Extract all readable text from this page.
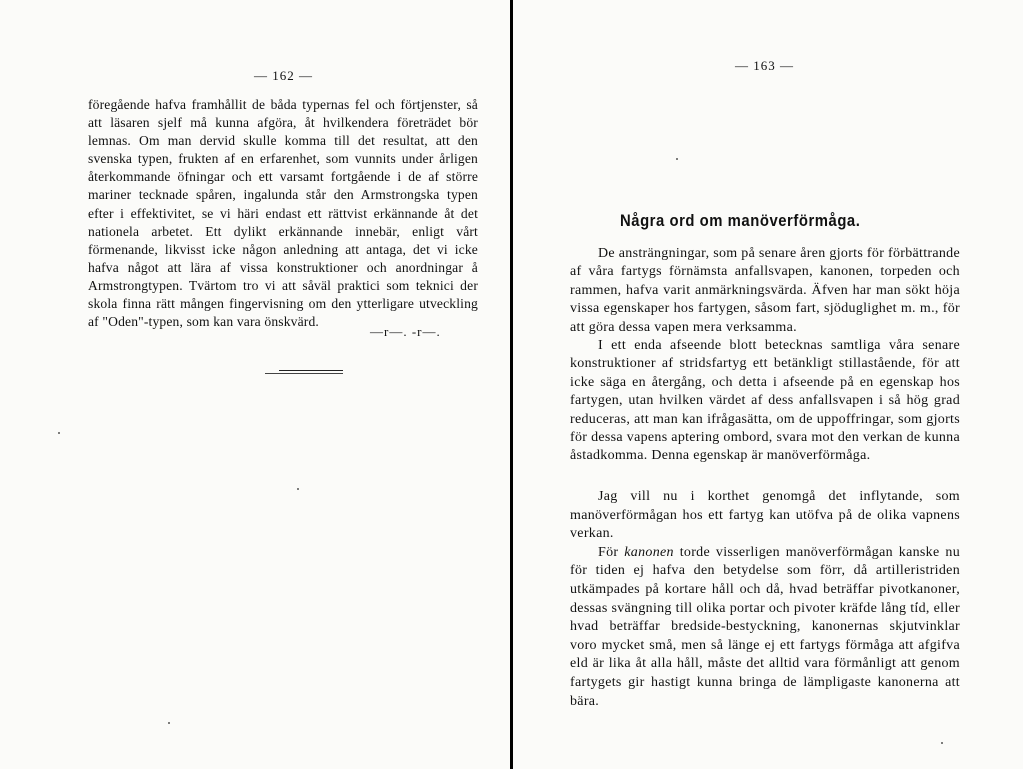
— 162 —

föregående hafva framhållit de båda typernas fel och förtjenster, så att läsaren sjelf må kunna afgöra, åt hvilkendera företrädet bör lemnas. Om man dervid skulle komma till det resultat, att den svenska typen, frukten af en erfarenhet, som vunnits under årligen återkommande öfningar och ett varsamt fortgående i de af större mariner tecknade spåren, ingalunda står den Armstrongska typen efter i effektivitet, se vi häri endast ett rättvist erkännande åt det nationela arbetet. Ett dylikt erkännande innebär, enligt vårt förmenande, likvisst icke någon anledning att antaga, det vi icke hafva något att lära af vissa konstruktioner och anordningar å Armstrongtypen. Tvärtom tro vi att såväl praktici som teknici der skola finna rätt mången fingervisning om den ytterligare utveckling af "Oden"-typen, som kan vara önskvärd.

—r—. -r—.
— 163 —
Några ord om manöverförmåga.

De ansträngningar, som på senare åren gjorts för förbättrande af våra fartygs förnämsta anfallsvapen, kanonen, torpeden och rammen, hafva varit anmärkningsvärda. Äfven har man sökt höja vissa egenskaper hos fartygen, såsom fart, sjöduglighet m. m., för att göra dessa vapen mera verksamma.

I ett enda afseende blott betecknas samtliga våra senare konstruktioner af stridsfartyg ett betänkligt stillastående, för att icke säga en återgång, och detta i afseende på en egenskap hos fartygen, utan hvilken värdet af dess anfallsvapen i så hög grad reduceras, att man kan ifrågasätta, om de uppoffringar, som gjorts för dessa vapens aptering ombord, svara mot den verkan de kunna åstadkomma. Denna egenskap är manöverförmåga.

Jag vill nu i korthet genomgå det inflytande, som manöverförmågan hos ett fartyg kan utöfva på de olika vapnens verkan.

För kanonen torde visserligen manöverförmågan kanske nu för tiden ej hafva den betydelse som förr, då artilleristriden utkämpades på kortare håll och då, hvad beträffar pivotkanoner, dessas svängning till olika portar och pivoter kräfde lång tid, eller hvad beträffar bredside-bestyckning, kanonernas skjutvinklar voro mycket små, men så länge ej ett fartygs förmåga att afgifva eld är lika åt alla håll, måste det alltid vara förmånligt att genom fartygets gir hastigt kunna bringa de lämpligaste kanonerna att bära.
